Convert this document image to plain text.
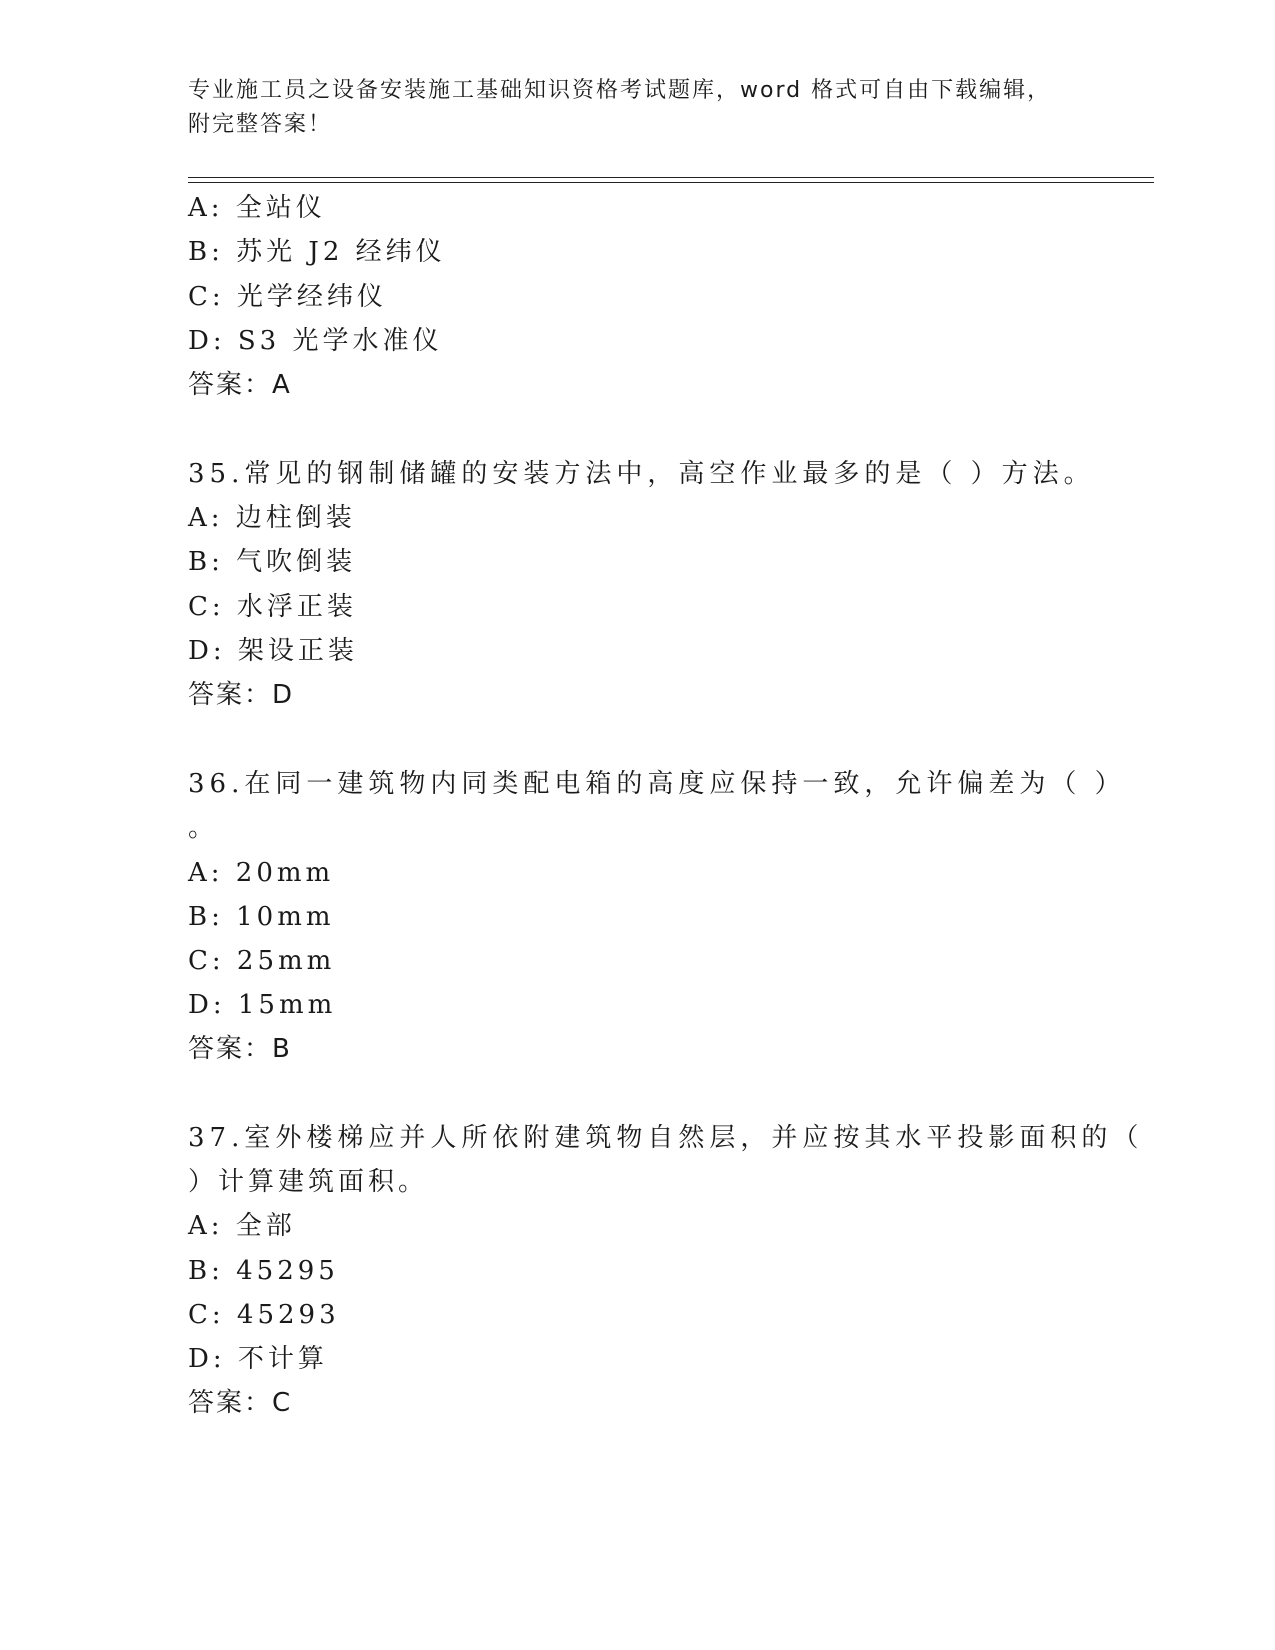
专业施工员之设备安装施工基础知识资格考试题库，word 格式可自由下载编辑，
附完整答案！
A: 全站仪
B: 苏光 J2 经纬仪
C: 光学经纬仪
D: S3 光学水准仪
答案：A
35.常见的钢制储罐的安装方法中，高空作业最多的是（ ）方法。
A: 边柱倒装
B: 气吹倒装
C: 水浮正装
D: 架设正装
答案：D
36.在同一建筑物内同类配电箱的高度应保持一致，允许偏差为（ ）
。
A: 20mm
B: 10mm
C: 25mm
D: 15mm
答案：B
37.室外楼梯应并人所依附建筑物自然层，并应按其水平投影面积的（
）计算建筑面积。
A: 全部
B: 45295
C: 45293
D: 不计算
答案：C
